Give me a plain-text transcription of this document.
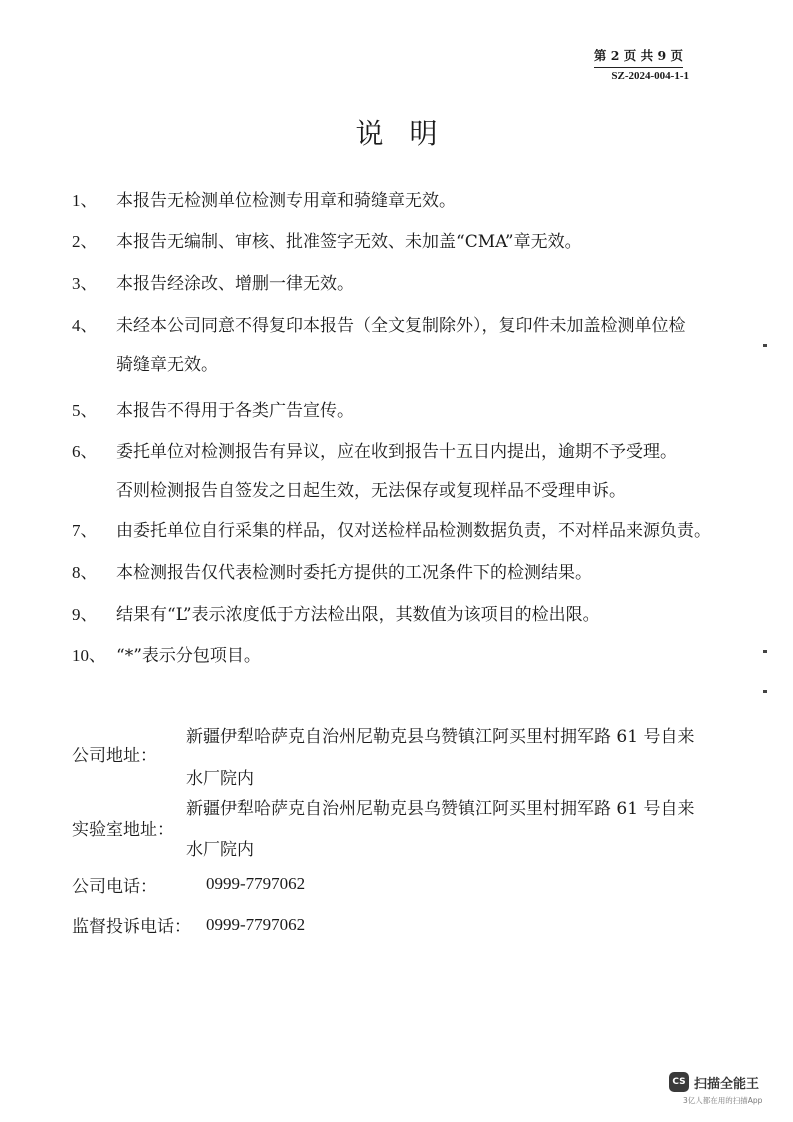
第 2 页 共 9 页
SZ-2024-004-1-1
说明
1、 本报告无检测单位检测专用章和骑缝章无效。
2、 本报告无编制、审核、批准签字无效、未加盖“CMA”章无效。
3、 本报告经涂改、增删一律无效。
4、 未经本公司同意不得复印本报告（全文复制除外），复印件未加盖检测单位检
骑缝章无效。
5、 本报告不得用于各类广告宣传。
6、 委托单位对检测报告有异议，应在收到报告十五日内提出，逾期不予受理。
否则检测报告自签发之日起生效，无法保存或复现样品不受理申诉。
7、 由委托单位自行采集的样品，仅对送检样品检测数据负责，不对样品来源负责。
8、 本检测报告仅代表检测时委托方提供的工况条件下的检测结果。
9、 结果有“L”表示浓度低于方法检出限，其数值为该项目的检出限。
10、 “*”表示分包项目。
新疆伊犁哈萨克自治州尼勒克县乌赞镇江阿买里村拥军路 61 号自来
公司地址：
水厂院内
新疆伊犁哈萨克自治州尼勒克县乌赞镇江阿买里村拥军路 61 号自来
实验室地址：
水厂院内
公司电话：	0999-7797062
监督投诉电话： 0999-7797062
CS 扫描全能王
3亿人都在用的扫描App
